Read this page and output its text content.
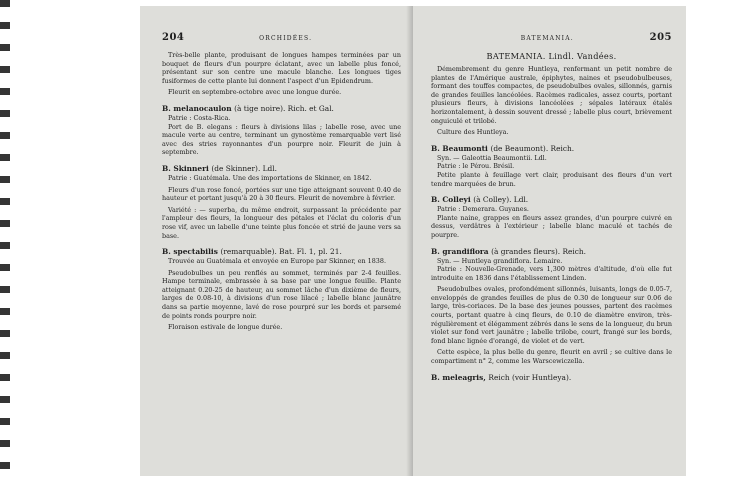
204	ORCHIDÉES.

Très-belle plante, produisant de longues hampes terminées par un bouquet de fleurs d'un pourpre éclatant, avec un labelle plus foncé, présentant sur son centre une macule blanche. Les longues tiges fusiformes de cette plante lui donnent l'aspect d'un Epidendrum.

Fleurit en septembre-octobre avec une longue durée.

B. melanocaulon (à tige noire). Rich. et Gal.

Patrie : Costa-Rica.

Port de B. elegans : fleurs à divisions lilas ; labelle rose, avec une macule verte au centre, terminant un gynostème remarquable vert lisé avec des stries rayonnantes d'un pourpre noir. Fleurit de juin à septembre.

B. Skinneri (de Skinner). Ldl.

Patrie : Guatémala. Une des importations de Skinner, en 1842.

Fleurs d'un rose foncé, portées sur une tige atteignant souvent 0.40 de hauteur et portant jusqu'à 20 à 30 fleurs. Fleurit de novembre à février.

Variété : — superba, du même endroit, surpassant la précédente par l'ampleur des fleurs, la longueur des pétales et l'éclat du coloris d'un rose vif, avec un labelle d'une teinte plus foncée et strié de jaune vers sa base.

B. spectabilis (remarquable). Bat. Fl. 1, pl. 21.

Trouvée au Guatémala et envoyée en Europe par Skinner, en 1838.

Pseudobulbes un peu renflés au sommet, terminés par 2-4 feuilles. Hampe terminale, embrassée à sa base par une longue feuille. Plante atteignant 0.20-25 de hauteur, au sommet lâche d'un dixième de fleurs, larges de 0.08-10, à divisions d'un rose lilacé ; labelle blanc jaunâtre dans sa partie moyenne, lavé de rose pourpré sur les bords et parsemé de points ronds pourpre noir.

Floraison estivale de longue durée.

BATEMANIA.	205
BATEMANIA. Lindl. Vandées.

Démembrement du genre Huntleya, renfermant un petit nombre de plantes de l'Amérique australe, épiphytes, naines et pseudobulbeuses, formant des touffes compactes, de pseudobulbes ovales, sillonnés, garnis de grandes feuilles lancéolées. Racèmes radicales, assez courts, portant plusieurs fleurs, à divisions lancéolées ; sépales latéraux étalés horizontalement, à dessin souvent dressé ; labelle plus court, brièvement onguiculé et trilobé.

Culture des Huntleya.

B. Beaumonti (de Beaumont). Reich.

Syn. — Galeottia Beaumontii. Ldl.

Patrie : le Pérou. Brésil.

Petite plante à feuillage vert clair, produisant des fleurs d'un vert tendre marquées de brun.

B. Colleyi (à Colley). Ldl.

Patrie : Demerara. Guyanes.

Plante naine, grappes en fleurs assez grandes, d'un pourpre cuivré en dessus, verdâtres à l'extérieur ; labelle blanc maculé et tachés de pourpre.

B. grandiflora (à grandes fleurs). Reich.

Syn. — Huntleya grandiflora. Lemaire.

Patrie : Nouvelle-Grenade, vers 1,300 mètres d'altitude, d'où elle fut introduite en 1836 dans l'établissement Linden.

Pseudobulbes ovales, profondément sillonnés, luisants, longs de 0.05-7, enveloppés de grandes feuilles de plus de 0.30 de longueur sur 0.06 de large, très-coriaces. De la base des jeunes pousses, partent des racèmes courts, portant quatre à cinq fleurs, de 0.10 de diamètre environ, très-régulièrement et élégamment zébrés dans le sens de la longueur, du brun violet sur fond vert jaunâtre ; labelle trilobe, court, frangé sur les bords, fond blanc lignée d'orangé, de violet et de vert.

Cette espèce, la plus belle du genre, fleurit en avril ; se cultive dans le compartiment n° 2, comme les Warscewiczella.

B. meleagris, Reich (voir Huntleya).
